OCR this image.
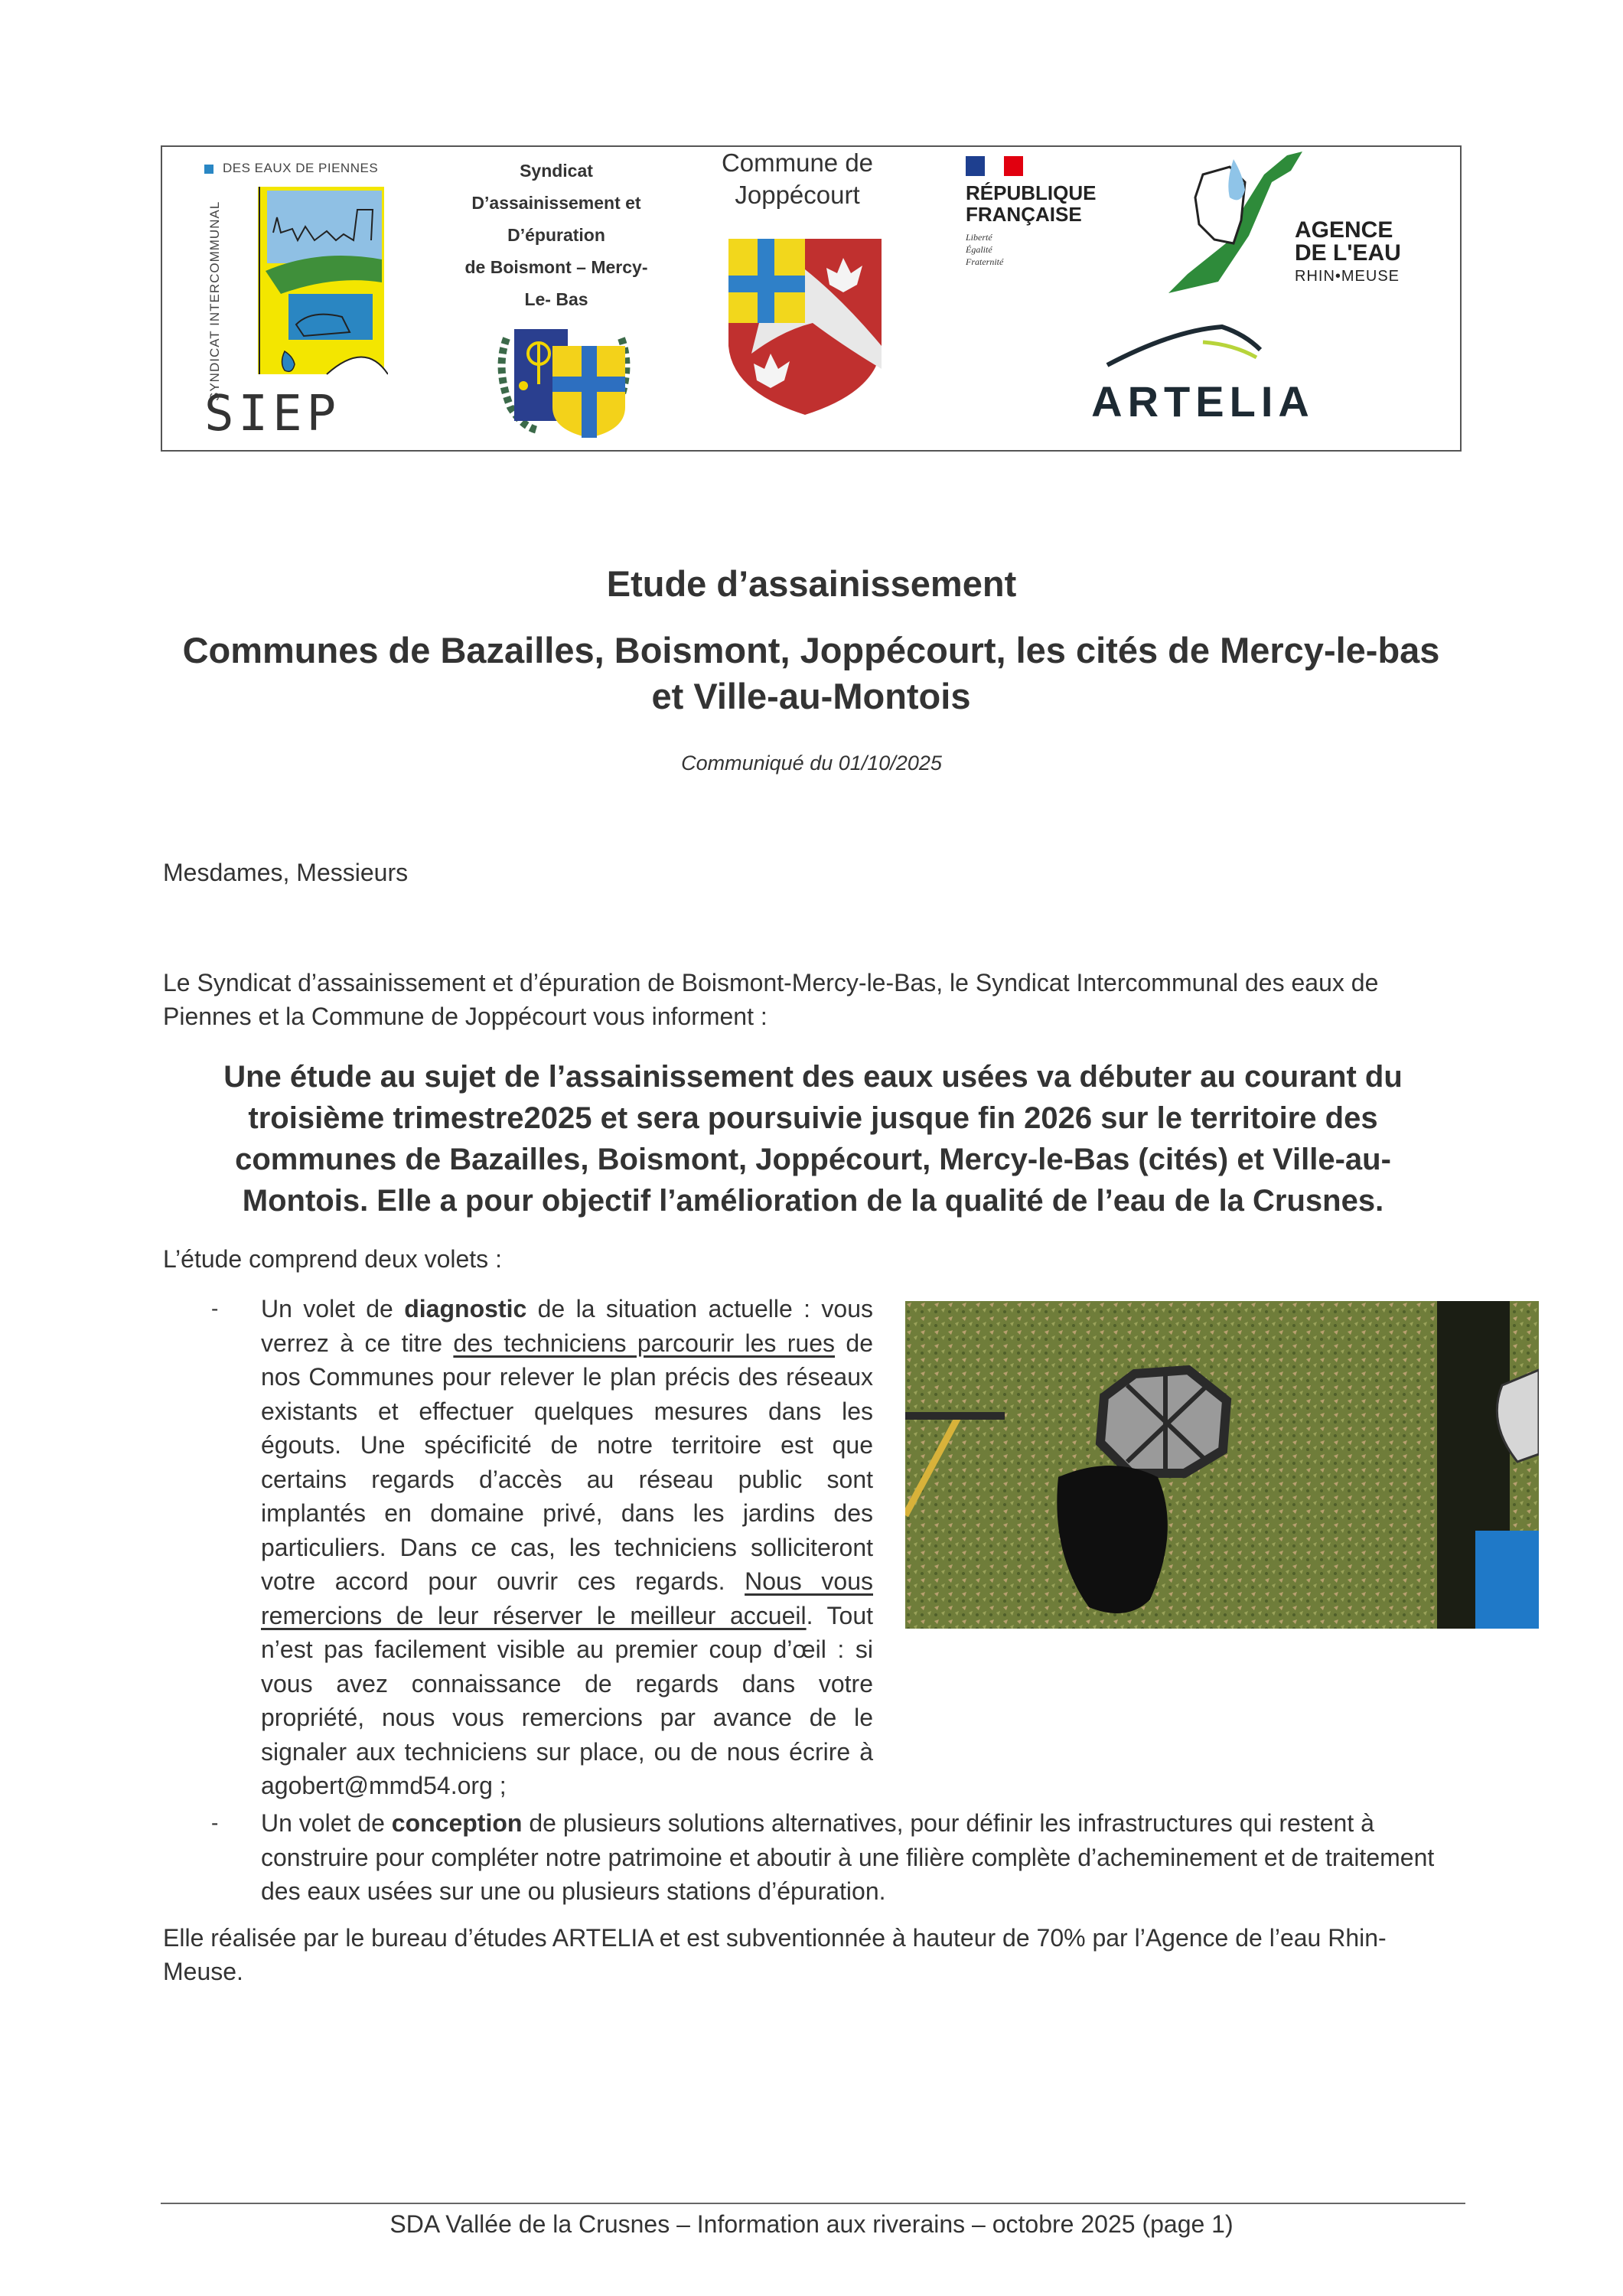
DES EAUX DE PIENNES
SYNDICAT INTERCOMMUNAL
SIEP
Syndicat
D’assainissement et
D’épuration
de Boismont – Mercy-
Le- Bas
Commune de
Joppécourt	RÉPUBLIQUE
FRANÇAISE
Liberté
Égalité
Fraternité
AGENCE
DE L'EAU
RHIN•MEUSE
ARTELIA
Etude d’assainissement
Communes de Bazailles, Boismont, Joppécourt, les cités de Mercy-le-bas et Ville-au-Montois
Communiqué du 01/10/2025
Mesdames, Messieurs
Le Syndicat d’assainissement et d’épuration de Boismont-Mercy-le-Bas, le Syndicat Intercommunal des eaux de Piennes et la Commune de Joppécourt vous informent :
Une étude au sujet de l’assainissement des eaux usées va débuter au courant du troisième trimestre2025 et sera poursuivie jusque fin 2026 sur le territoire des communes de Bazailles, Boismont, Joppécourt, Mercy-le-Bas (cités) et Ville-au-Montois. Elle a pour objectif l’amélioration de la qualité de l’eau de la Crusnes.
L’étude comprend deux volets :
- Un volet de diagnostic de la situation actuelle : vous verrez à ce titre des techniciens parcourir les rues de nos Communes pour relever le plan précis des réseaux existants et effectuer quelques mesures dans les égouts. Une spécificité de notre territoire est que certains regards d’accès au réseau public sont implantés en domaine privé, dans les jardins des particuliers. Dans ce cas, les techniciens solliciteront votre accord pour ouvrir ces regards. Nous vous remercions de leur réserver le meilleur accueil. Tout n’est pas facilement visible au premier coup d’œil : si vous avez connaissance de regards dans votre propriété, nous vous remercions par avance de le signaler aux techniciens sur place, ou de nous écrire à agobert@mmd54.org ;
- Un volet de conception de plusieurs solutions alternatives, pour définir les infrastructures qui restent à construire pour compléter notre patrimoine et aboutir à une filière complète d’acheminement et de traitement des eaux usées sur une ou plusieurs stations d’épuration.
Elle réalisée par le bureau d’études ARTELIA et est subventionnée à hauteur de 70% par l’Agence de l’eau Rhin-Meuse.
SDA Vallée de la Crusnes – Information aux riverains – octobre 2025 (page 1)
